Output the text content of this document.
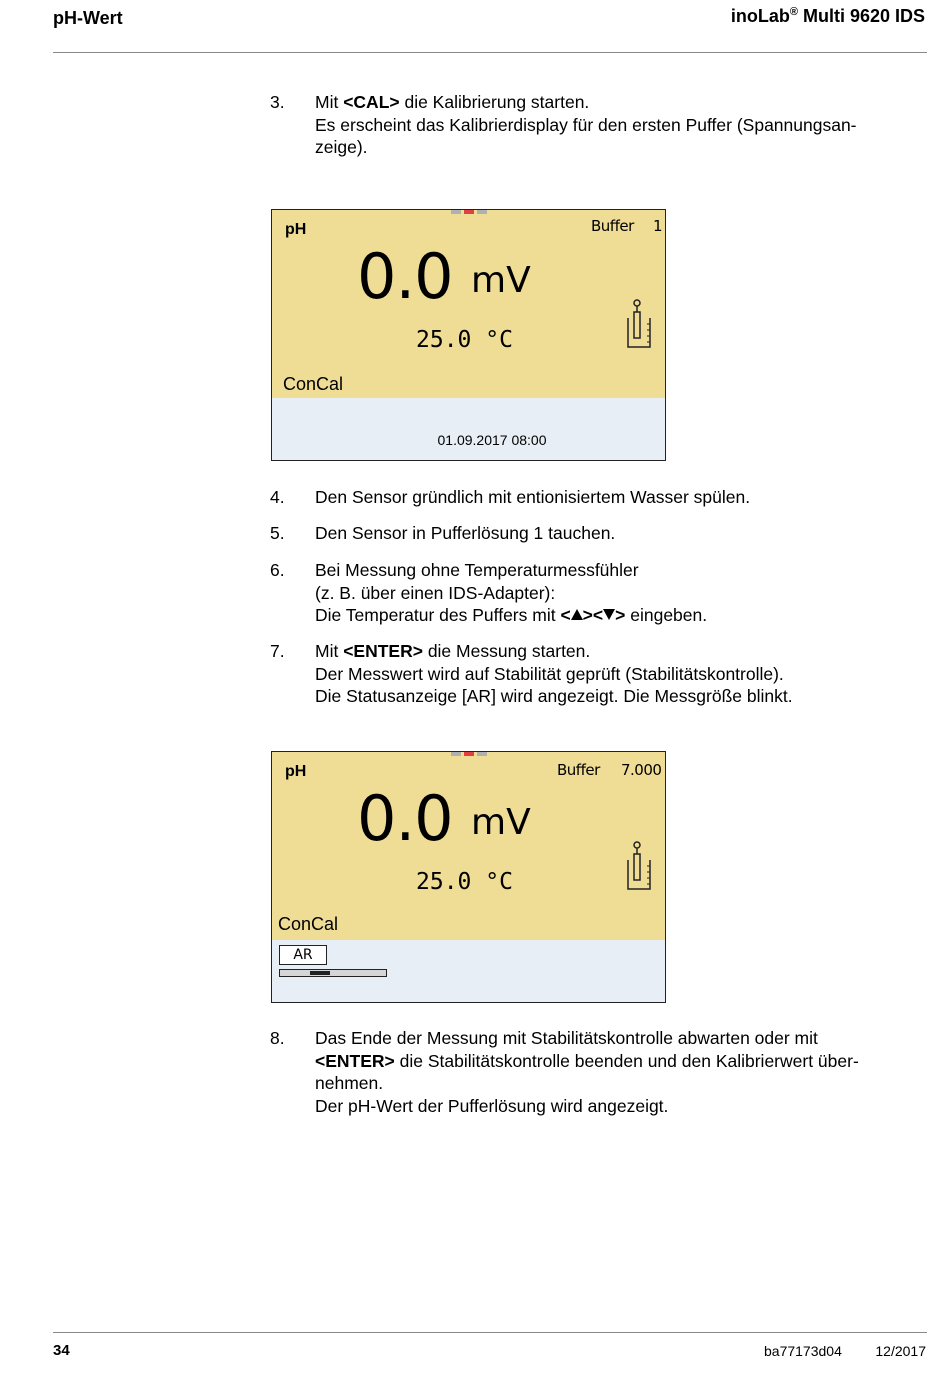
pH-Wert	inoLab® Multi 9620 IDS
3. Mit <CAL> die Kalibrierung starten.
Es erscheint das Kalibrierdisplay für den ersten Puffer (Spannungsan-
zeige).
pH	Buffer 1
0.0 mV
25.0 °C
ConCal
01.09.2017 08:00
4. Den Sensor gründlich mit entionisiertem Wasser spülen.
5. Den Sensor in Pufferlösung 1 tauchen.
6. Bei Messung ohne Temperaturmessfühler
(z. B. über einen IDS-Adapter):
Die Temperatur des Puffers mit < >< > eingeben.
7. Mit <ENTER> die Messung starten.
Der Messwert wird auf Stabilität geprüft (Stabilitätskontrolle).
Die Statusanzeige [AR] wird angezeigt. Die Messgröße blinkt.
pH	Buffer 7.000
0.0 mV
25.0 °C
ConCal
AR
8. Das Ende der Messung mit Stabilitätskontrolle abwarten oder mit
<ENTER> die Stabilitätskontrolle beenden und den Kalibrierwert über-
nehmen.
Der pH-Wert der Pufferlösung wird angezeigt.
34	ba77173d04 12/2017
